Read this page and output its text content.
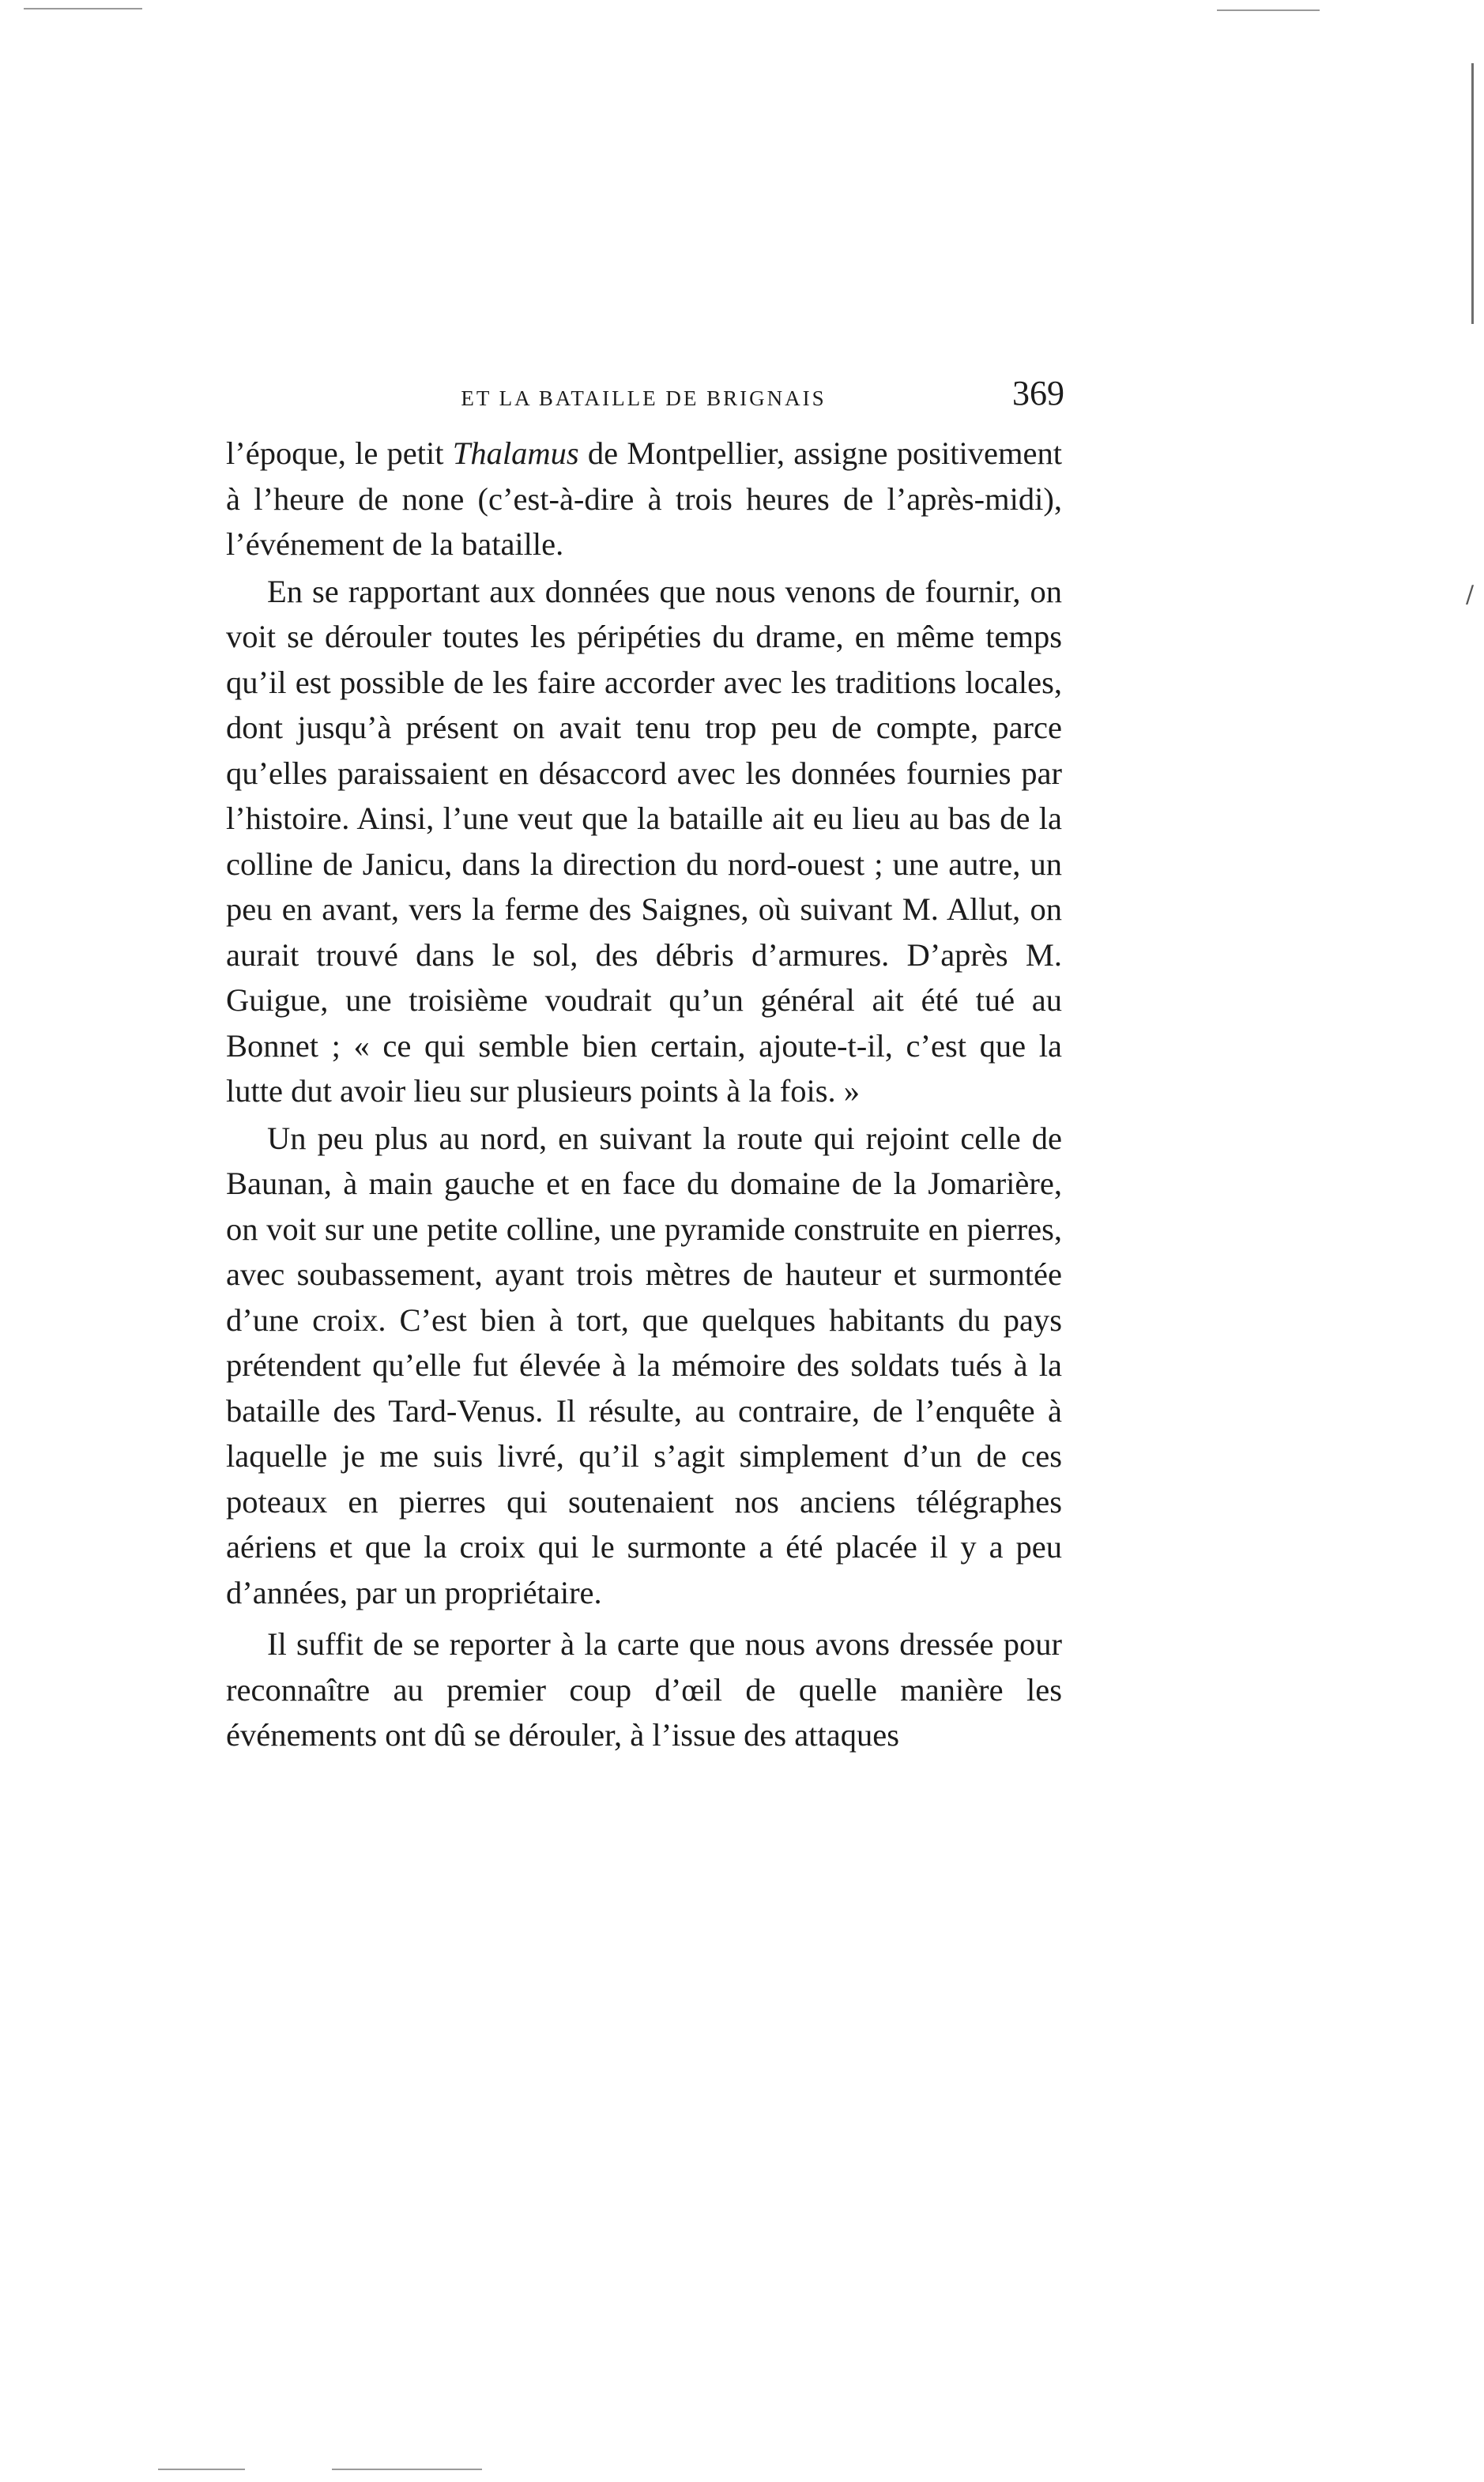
/
ET LA BATAILLE DE BRIGNAIS	369

l’époque, le petit Thalamus de Montpellier, assigne positivement à l’heure de none (c’est-à-dire à trois heures de l’après-midi), l’événement de la bataille.

En se rapportant aux données que nous venons de fournir, on voit se dérouler toutes les péripéties du drame, en même temps qu’il est possible de les faire accorder avec les traditions locales, dont jusqu’à présent on avait tenu trop peu de compte, parce qu’elles paraissaient en désaccord avec les données fournies par l’histoire. Ainsi, l’une veut que la bataille ait eu lieu au bas de la colline de Janicu, dans la direction du nord-ouest ; une autre, un peu en avant, vers la ferme des Saignes, où suivant M. Allut, on aurait trouvé dans le sol, des débris d’armures. D’après M. Guigue, une troisième voudrait qu’un général ait été tué au Bonnet ; « ce qui semble bien certain, ajoute-t-il, c’est que la lutte dut avoir lieu sur plusieurs points à la fois. »

Un peu plus au nord, en suivant la route qui rejoint celle de Baunan, à main gauche et en face du domaine de la Jomarière, on voit sur une petite colline, une pyramide construite en pierres, avec soubassement, ayant trois mètres de hauteur et surmontée d’une croix. C’est bien à tort, que quelques habitants du pays prétendent qu’elle fut élevée à la mémoire des soldats tués à la bataille des Tard-Venus. Il résulte, au contraire, de l’enquête à laquelle je me suis livré, qu’il s’agit simplement d’un de ces poteaux en pierres qui soutenaient nos anciens télégraphes aériens et que la croix qui le surmonte a été placée il y a peu d’années, par un propriétaire.

Il suffit de se reporter à la carte que nous avons dressée pour reconnaître au premier coup d’œil de quelle manière les événements ont dû se dérouler, à l’issue des attaques
